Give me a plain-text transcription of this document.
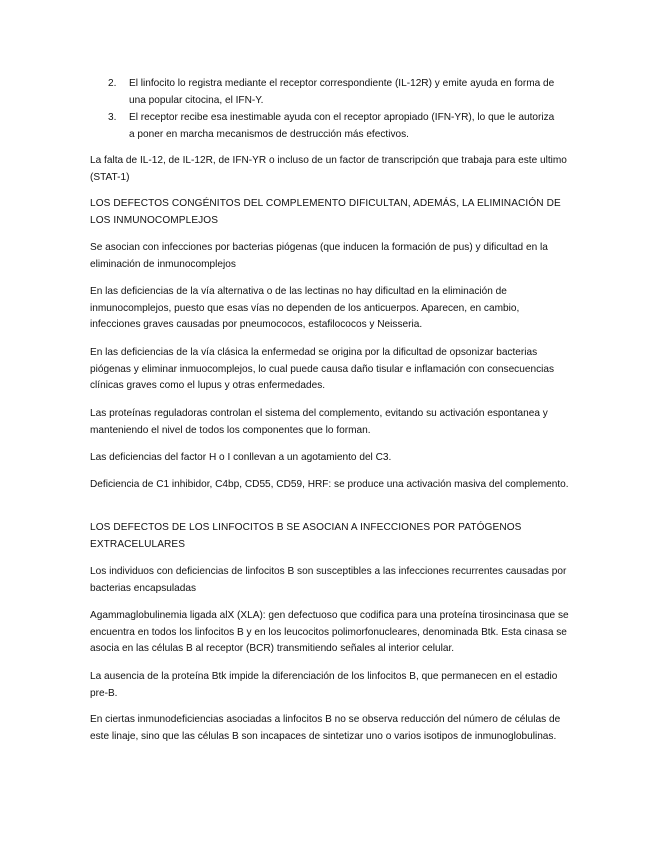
2.	El linfocito lo registra mediante el receptor correspondiente (IL-12R) y emite ayuda en forma de una popular citocina, el IFN-Y.
3.	El receptor recibe esa inestimable ayuda con el receptor apropiado (IFN-YR), lo que le autoriza a poner en marcha mecanismos de destrucción más efectivos.

La falta de IL-12, de IL-12R, de IFN-YR o incluso de un factor de transcripción que trabaja para este ultimo (STAT-1)

LOS DEFECTOS CONGÉNITOS DEL COMPLEMENTO DIFICULTAN, ADEMÁS, LA ELIMINACIÓN DE LOS INMUNOCOMPLEJOS

Se asocian con infecciones por bacterias piógenas (que inducen la formación de pus) y dificultad en la eliminación de inmunocomplejos

En las deficiencias de la vía alternativa o de las lectinas no hay dificultad en la eliminación de inmunocomplejos, puesto que esas vías no dependen de los anticuerpos. Aparecen, en cambio, infecciones graves causadas por pneumococos, estafilococos y Neisseria.

En las deficiencias de la vía clásica la enfermedad se origina por la dificultad de opsonizar bacterias piógenas y eliminar inmuocomplejos, lo cual puede causa daño tisular e inflamación con consecuencias clínicas graves como el lupus y otras enfermedades.

Las proteínas reguladoras controlan el sistema del complemento, evitando su activación espontanea y manteniendo el nivel de todos los componentes que lo forman.

Las deficiencias del factor H o I conllevan a un agotamiento del C3.

Deficiencia de C1 inhibidor, C4bp, CD55, CD59, HRF: se produce una activación masiva del complemento.

LOS DEFECTOS DE LOS LINFOCITOS B SE ASOCIAN A INFECCIONES POR PATÓGENOS EXTRACELULARES

Los individuos con deficiencias de linfocitos B son susceptibles a las infecciones recurrentes causadas por bacterias encapsuladas

Agammaglobulinemia ligada alX (XLA): gen defectuoso que codifica para una proteína tirosincinasa que se encuentra en todos los linfocitos B y en los leucocitos polimorfonucleares, denominada Btk. Esta cinasa se asocia en las células B al receptor (BCR) transmitiendo señales al interior celular.

La ausencia de la proteína Btk impide la diferenciación de los linfocitos B, que permanecen en el estadio pre-B.

En ciertas inmunodeficiencias asociadas a linfocitos B no se observa reducción del número de células de este linaje, sino que las células B son incapaces de sintetizar uno o varios isotipos de inmunoglobulinas.
